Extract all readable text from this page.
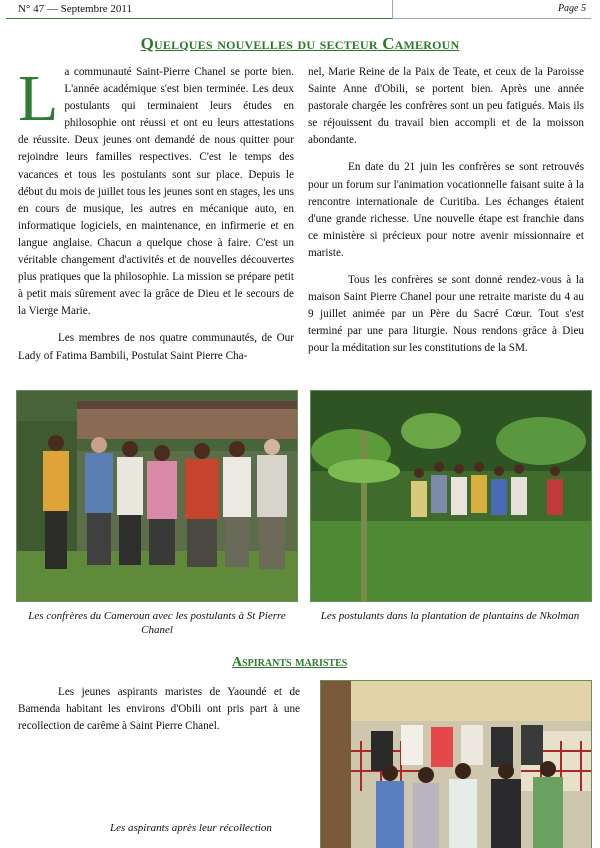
N° 47 — Septembre 2011	Page 5
Quelques nouvelles du secteur Cameroun

La communauté Saint-Pierre Chanel se porte bien. L'année académique s'est bien terminée. Les deux postulants qui terminaient leurs études en philosophie ont réussi et ont eu leurs attestations de réussite. Deux jeunes ont demandé de nous quitter pour rejoindre leurs familles respectives. C'est le temps des vacances et tous les postulants sont sur place. Depuis le début du mois de juillet tous les jeunes sont en stages, les uns en cours de musique, les autres en mécanique auto, en informatique logiciels, en maintenance, en infirmerie et en langue anglaise. Chacun a quelque chose à faire. C'est un véritable changement d'activités et de nouvelles découvertes plus pratiques que la philosophie. La mission se prépare petit à petit mais sûrement avec la grâce de Dieu et le secours de la Vierge Marie.

Les membres de nos quatre communautés, de Our Lady of Fatima Bambili, Postulat Saint Pierre Cha-

nel, Marie Reine de la Paix de Teate, et ceux de la Paroisse Sainte Anne d'Obili, se portent bien. Après une année pastorale chargée les confrères sont un peu fatigués. Mais ils se réjouissent du travail bien accompli et de la moisson abondante.

En date du 21 juin les confrères se sont retrouvés pour un forum sur l'animation vocationnelle faisant suite à la rencontre internationale de Curitiba. Les échanges étaient d'une grande richesse. Une nouvelle étape est franchie dans ce ministère si précieux pour notre avenir missionnaire et mariste.

Tous les confrères se sont donné rendez-vous à la maison Saint Pierre Chanel pour une retraite mariste du 4 au 9 juillet animée par un Père du Sacré Cœur. Tout s'est terminé par une para liturgie. Nous rendons grâce à Dieu pour la méditation sur les constitutions de la SM.

Les confrères du Cameroun avec les postulants à St Pierre Chanel
Les postulants dans la plantation de plantains de Nkolman
Aspirants maristes
Les jeunes aspirants maristes de Yaoundé et de Bamenda habitant les environs d'Obili ont pris part à une recollection de carême à Saint Pierre Chanel.
Les aspirants après leur récollection
